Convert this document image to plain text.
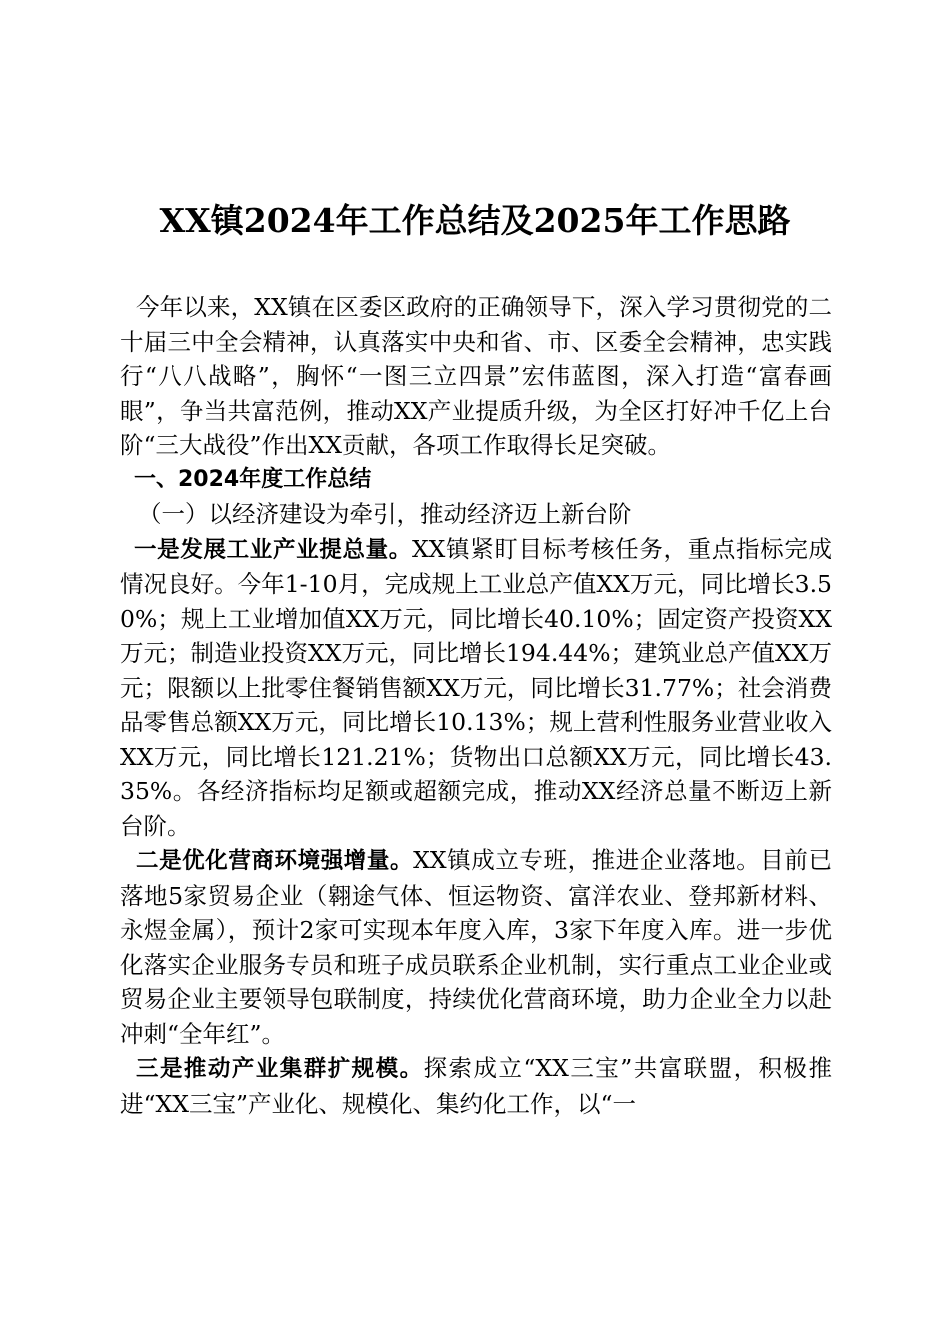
XX镇2024年工作总结及2025年工作思路

今年以来，XX镇在区委区政府的正确领导下，深入学习贯彻党的二十届三中全会精神，认真落实中央和省、市、区委全会精神，忠实践行“八八战略”，胸怀“一图三立四景”宏伟蓝图，深入打造“富春画眼”，争当共富范例，推动XX产业提质升级，为全区打好冲千亿上台阶“三大战役”作出XX贡献，各项工作取得长足突破。

一、2024年度工作总结

（一）以经济建设为牵引，推动经济迈上新台阶

一是发展工业产业提总量。XX镇紧盯目标考核任务，重点指标完成情况良好。今年1-10月，完成规上工业总产值XX万元，同比增长3.50%；规上工业增加值XX万元，同比增长40.10%；固定资产投资XX万元；制造业投资XX万元，同比增长194.44%；建筑业总产值XX万元；限额以上批零住餐销售额XX万元，同比增长31.77%；社会消费品零售总额XX万元，同比增长10.13%；规上营利性服务业营业收入XX万元，同比增长121.21%；货物出口总额XX万元，同比增长43.35%。各经济指标均足额或超额完成，推动XX经济总量不断迈上新台阶。

二是优化营商环境强增量。XX镇成立专班，推进企业落地。目前已落地5家贸易企业（翱途气体、恒运物资、富洋农业、登邦新材料、永煜金属），预计2家可实现本年度入库，3家下年度入库。进一步优化落实企业服务专员和班子成员联系企业机制，实行重点工业企业或贸易企业主要领导包联制度，持续优化营商环境，助力企业全力以赴冲刺“全年红”。

三是推动产业集群扩规模。探索成立“XX三宝”共富联盟，积极推进“XX三宝”产业化、规模化、集约化工作，以“一
